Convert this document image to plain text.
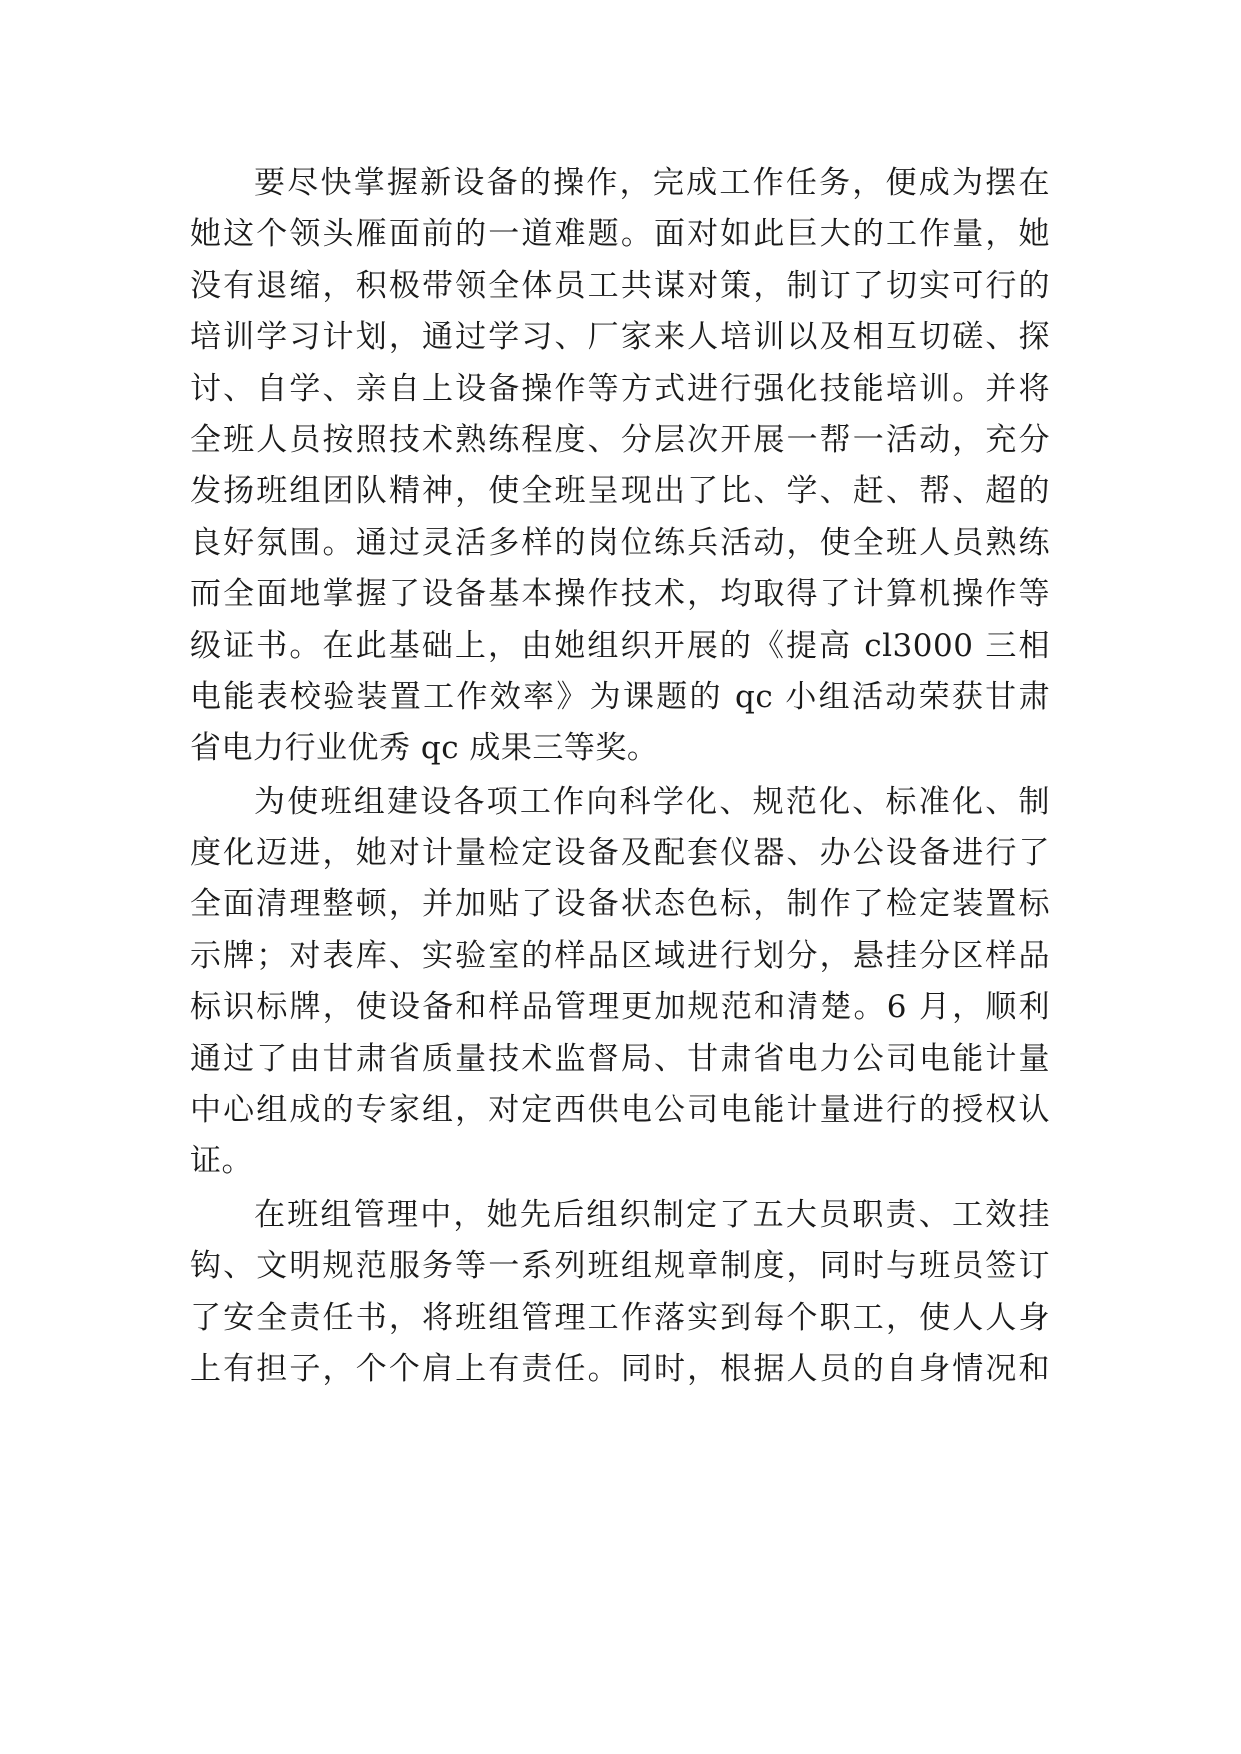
要尽快掌握新设备的操作，完成工作任务，便成为摆在
她这个领头雁面前的一道难题。面对如此巨大的工作量，她
没有退缩，积极带领全体员工共谋对策，制订了切实可行的
培训学习计划，通过学习、厂家来人培训以及相互切磋、探
讨、自学、亲自上设备操作等方式进行强化技能培训。并将
全班人员按照技术熟练程度、分层次开展一帮一活动，充分
发扬班组团队精神，使全班呈现出了比、学、赶、帮、超的
良好氛围。通过灵活多样的岗位练兵活动，使全班人员熟练
而全面地掌握了设备基本操作技术，均取得了计算机操作等
级证书。在此基础上，由她组织开展的《提高 cl3000 三相
电能表校验装置工作效率》为课题的 qc 小组活动荣获甘肃
省电力行业优秀 qc 成果三等奖。
为使班组建设各项工作向科学化、规范化、标准化、制
度化迈进，她对计量检定设备及配套仪器、办公设备进行了
全面清理整顿，并加贴了设备状态色标，制作了检定装置标
示牌；对表库、实验室的样品区域进行划分，悬挂分区样品
标识标牌，使设备和样品管理更加规范和清楚。6 月，顺利
通过了由甘肃省质量技术监督局、甘肃省电力公司电能计量
中心组成的专家组，对定西供电公司电能计量进行的授权认
证。
在班组管理中，她先后组织制定了五大员职责、工效挂
钩、文明规范服务等一系列班组规章制度，同时与班员签订
了安全责任书，将班组管理工作落实到每个职工，使人人身
上有担子，个个肩上有责任。同时，根据人员的自身情况和
